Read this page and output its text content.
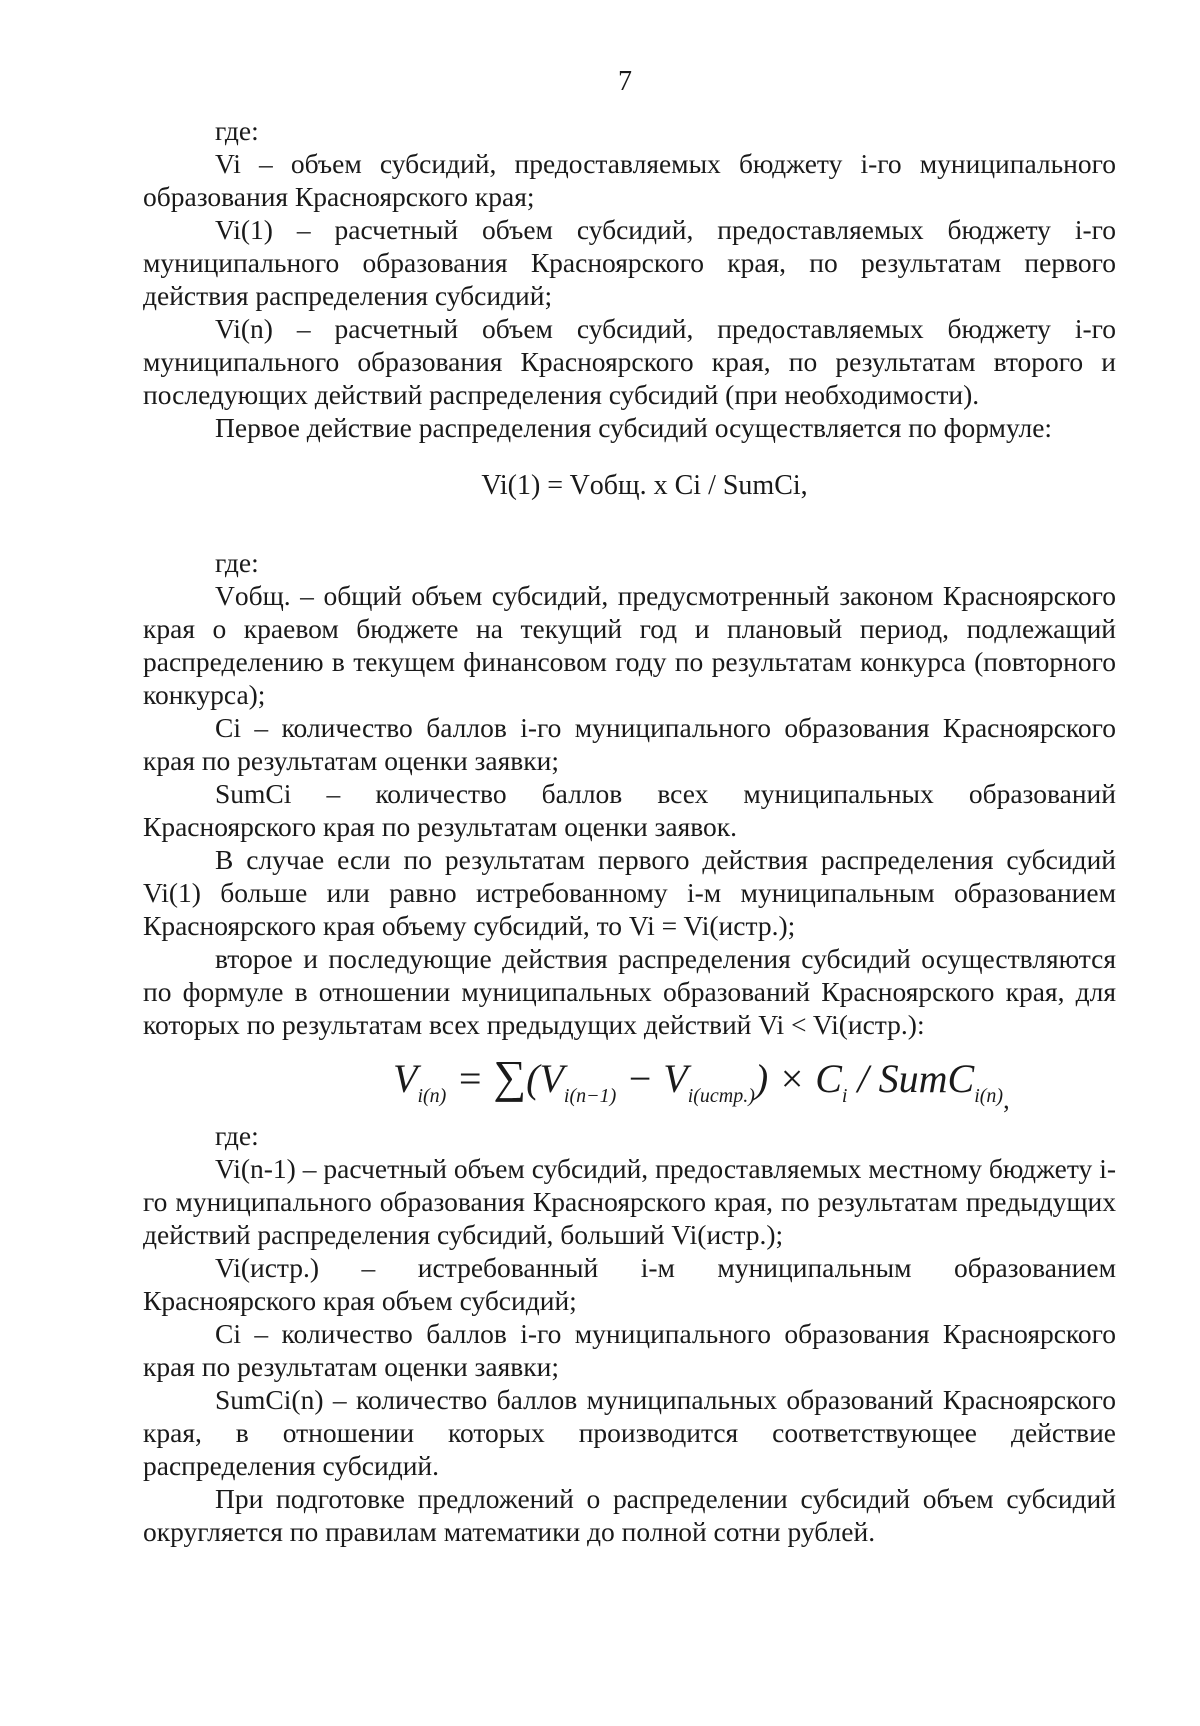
7

где:

Vi – объем субсидий, предоставляемых бюджету i-го муниципального образования Красноярского края;

Vi(1) – расчетный объем субсидий, предоставляемых бюджету i-го муниципального образования Красноярского края, по результатам первого действия распределения субсидий;

Vi(n) – расчетный объем субсидий, предоставляемых бюджету i-го муниципального образования Красноярского края, по результатам второго и последующих действий распределения субсидий (при необходимости).

Первое действие распределения субсидий осуществляется по формуле:

Vi(1) = Vобщ. х Ci / SumCi,

где:

Vобщ. – общий объем субсидий, предусмотренный законом Красноярского края о краевом бюджете на текущий год и плановый период, подлежащий распределению в текущем финансовом году по результатам конкурса (повторного конкурса);

Ci – количество баллов i-го муниципального образования Красноярского края по результатам оценки заявки;

SumCi – количество баллов всех муниципальных образований Красноярского края по результатам оценки заявок.

В случае если по результатам первого действия распределения субсидий Vi(1) больше или равно истребованному i-м муниципальным образованием Красноярского края объему субсидий, то Vi = Vi(истр.);

второе и последующие действия распределения субсидий осуществляются по формуле в отношении муниципальных образований Красноярского края, для которых по результатам всех предыдущих действий Vi < Vi(истр.):

$V_{i(n)} = \sum(V_{i(n-1)} - V_{i(истр.)}) \times C_i$ / SumC$_{i(n),}$

где:

Vi(n-1) – расчетный объем субсидий, предоставляемых местному бюджету i-го муниципального образования Красноярского края, по результатам предыдущих действий распределения субсидий, больший Vi(истр.);

Vi(истр.) – истребованный i-м муниципальным образованием Красноярского края объем субсидий;

Ci – количество баллов i-го муниципального образования Красноярского края по результатам оценки заявки;

SumCi(n) – количество баллов муниципальных образований Красноярского края, в отношении которых производится соответствующее действие распределения субсидий.

При подготовке предложений о распределении субсидий объем субсидий округляется по правилам математики до полной сотни рублей.
